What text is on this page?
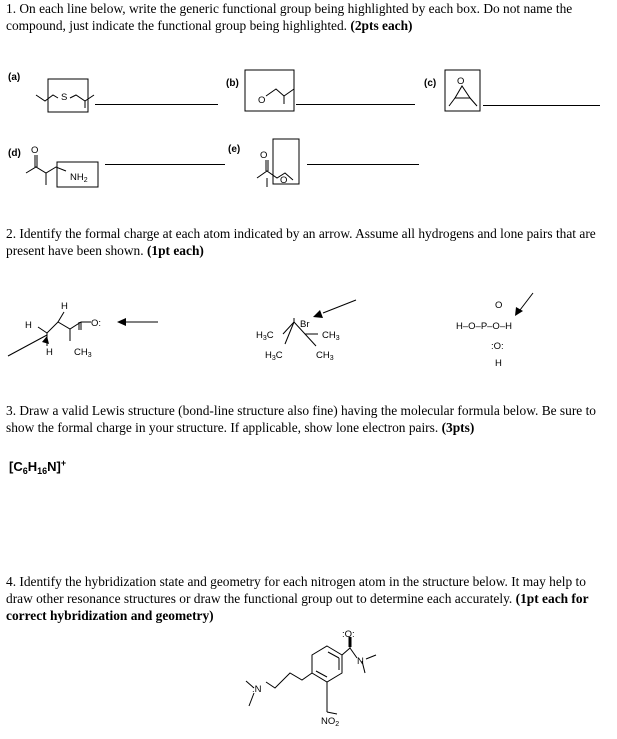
1. On each line below, write the generic functional group being highlighted by each box. Do not name the compound, just indicate the functional group being highlighted. (2pts each)
(a)
(b)	(c)
(d)	(e)
2. Identify the formal charge at each atom indicated by an arrow. Assume all hydrogens and lone pairs that are present have been shown. (1pt each)
3. Draw a valid Lewis structure (bond-line structure also fine) having the molecular formula below. Be sure to show the formal charge in your structure. If applicable, show lone electron pairs. (3pts)
$[C_6H_{16}N]^+$
4. Identify the hybridization state and geometry for each nitrogen atom in the structure below. It may help to draw other resonance structures or draw the functional group out to determine each accurately. (1pt each for correct hybridization and geometry)
S	O
O
O
$NH_2$
O
O
H
H
H $CH_3$
O:	Br
$H_3C$
$H_3C$
$CH_3$
$CH_3$
O
H–O–P–O–H
:O:
H
:O:
N
:N
$NO_2$
